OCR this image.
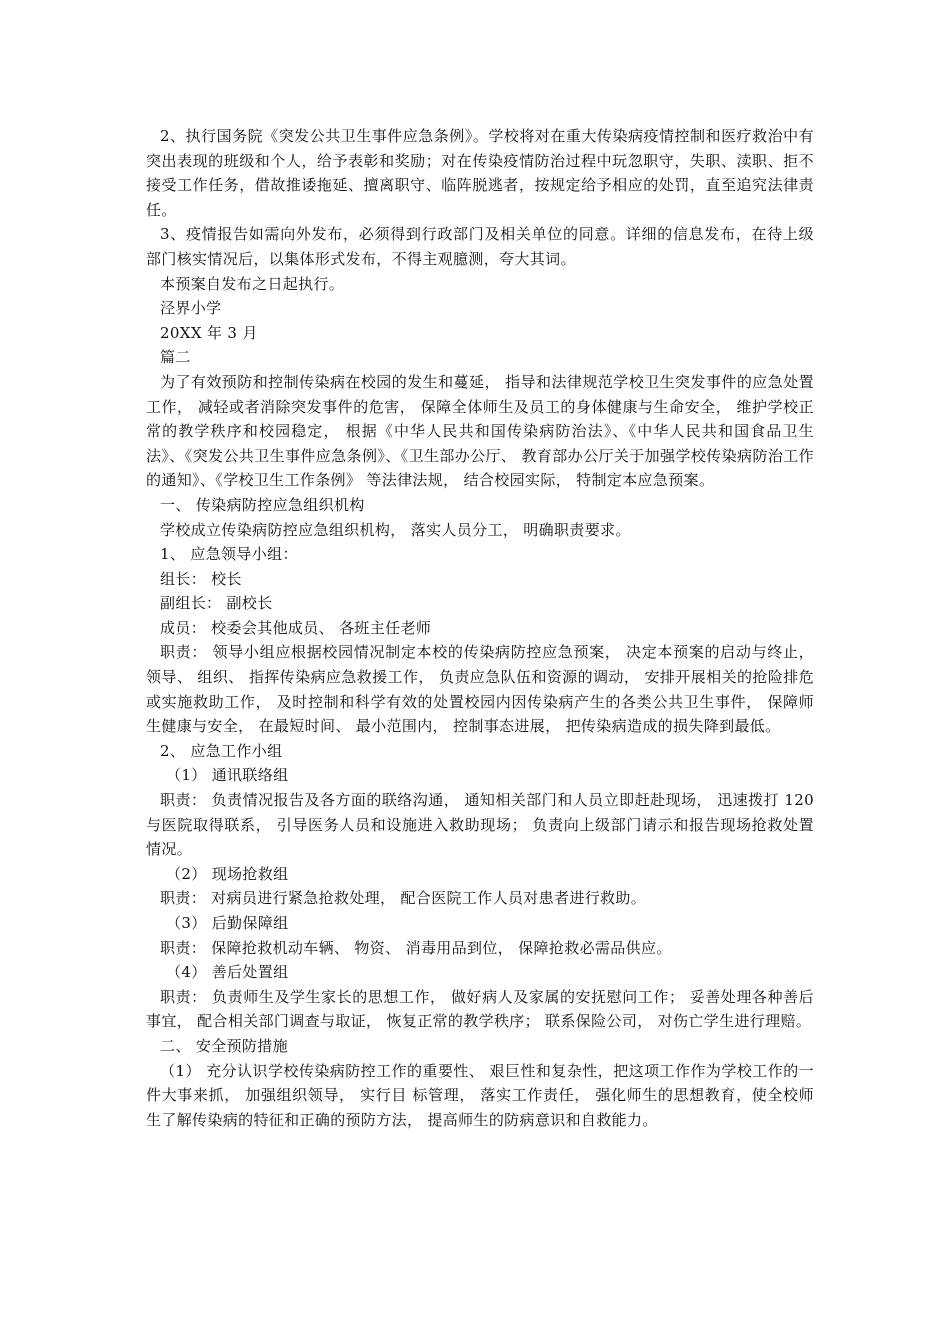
2、执行国务院《突发公共卫生事件应急条例》。学校将对在重大传染病疫情控制和医疗救治中有突出表现的班级和个人，给予表彰和奖励；对在传染疫情防治过程中玩忽职守，失职、渎职、拒不接受工作任务，借故推诿拖延、擅离职守、临阵脱逃者，按规定给予相应的处罚，直至追究法律责任。

3、疫情报告如需向外发布，必须得到行政部门及相关单位的同意。详细的信息发布，在待上级部门核实情况后，以集体形式发布，不得主观臆测，夸大其词。

本预案自发布之日起执行。

泾界小学

20XX 年 3 月

篇二

为了有效预防和控制传染病在校园的发生和蔓延， 指导和法律规范学校卫生突发事件的应急处置工作， 减轻或者消除突发事件的危害， 保障全体师生及员工的身体健康与生命安全， 维护学校正常的教学秩序和校园稳定， 根据《中华人民共和国传染病防治法》、《中华人民共和国食品卫生法》、《突发公共卫生事件应急条例》、《卫生部办公厅、 教育部办公厅关于加强学校传染病防治工作的通知》、《学校卫生工作条例》 等法律法规， 结合校园实际， 特制定本应急预案。

一、 传染病防控应急组织机构

学校成立传染病防控应急组织机构， 落实人员分工， 明确职责要求。

1、 应急领导小组：

组长： 校长

副组长： 副校长

成员： 校委会其他成员、 各班主任老师

职责： 领导小组应根据校园情况制定本校的传染病防控应急预案， 决定本预案的启动与终止， 领导、 组织、 指挥传染病应急救援工作， 负责应急队伍和资源的调动， 安排开展相关的抢险排危或实施救助工作， 及时控制和科学有效的处置校园内因传染病产生的各类公共卫生事件， 保障师生健康与安全， 在最短时间、 最小范围内， 控制事态进展， 把传染病造成的损失降到最低。

2、 应急工作小组

（1） 通讯联络组

职责： 负责情况报告及各方面的联络沟通， 通知相关部门和人员立即赶赴现场， 迅速拨打 120 与医院取得联系， 引导医务人员和设施进入救助现场； 负责向上级部门请示和报告现场抢救处置情况。

（2） 现场抢救组

职责： 对病员进行紧急抢救处理， 配合医院工作人员对患者进行救助。

（3） 后勤保障组

职责： 保障抢救机动车辆、 物资、 消毒用品到位， 保障抢救必需品供应。

（4） 善后处置组

职责： 负责师生及学生家长的思想工作， 做好病人及家属的安抚慰问工作； 妥善处理各种善后事宜， 配合相关部门调查与取证， 恢复正常的教学秩序； 联系保险公司， 对伤亡学生进行理赔。

二、 安全预防措施

（1） 充分认识学校传染病防控工作的重要性、 艰巨性和复杂性，把这项工作作为学校工作的一件大事来抓， 加强组织领导， 实行目 标管理， 落实工作责任， 强化师生的思想教育，使全校师生了解传染病的特征和正确的预防方法， 提高师生的防病意识和自救能力。
